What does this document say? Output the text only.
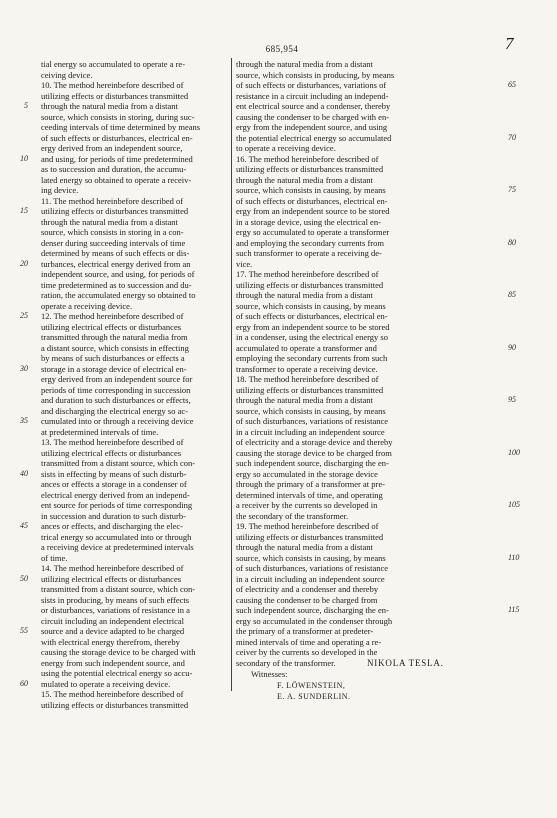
685,954	7
tial energy so accumulated to operate a re-
ceiving device.
10. The method hereinbefore described of
utilizing effects or disturbances transmitted
through the natural media from a distant
source, which consists in storing, during suc-
ceeding intervals of time determined by means
of such effects or disturbances, electrical en-
ergy derived from an independent source,
and using, for periods of time predetermined
as to succession and duration, the accumu-
lated energy so obtained to operate a receiv-
ing device.
11. The method hereinbefore described of
utilizing effects or disturbances transmitted
through the natural media from a distant
source, which consists in storing in a con-
denser during succeeding intervals of time
determined by means of such effects or dis-
turbances, electrical energy derived from an
independent source, and using, for periods of
time predetermined as to succession and du-
ration, the accumulated energy so obtained to
operate a receiving device.
12. The method hereinbefore described of
utilizing electrical effects or disturbances
transmitted through the natural media from
a distant source, which consists in effecting
by means of such disturbances or effects a
storage in a storage device of electrical en-
ergy derived from an independent source for
periods of time corresponding in succession
and duration to such disturbances or effects,
and discharging the electrical energy so ac-
cumulated into or through a receiving device
at predetermined intervals of time.
13. The method hereinbefore described of
utilizing electrical effects or disturbances
transmitted from a distant source, which con-
sists in effecting by means of such disturb-
ances or effects a storage in a condenser of
electrical energy derived from an independ-
ent source for periods of time corresponding
in succession and duration to such disturb-
ances or effects, and discharging the elec-
trical energy so accumulated into or through
a receiving device at predetermined intervals
of time.
14. The method hereinbefore described of
utilizing electrical effects or disturbances
transmitted from a distant source, which con-
sists in producing, by means of such effects
or disturbances, variations of resistance in a
circuit including an independent electrical
source and a device adapted to be charged
with electrical energy therefrom, thereby
causing the storage device to be charged with
energy from such independent source, and
using the potential electrical energy so accu-
mulated to operate a receiving device.
15. The method hereinbefore described of
utilizing effects or disturbances transmitted
through the natural media from a distant
source, which consists in producing, by means
of such effects or disturbances, variations of
resistance in a circuit including an independ-
ent electrical source and a condenser, thereby
causing the condenser to be charged with en-
ergy from the independent source, and using
the potential electrical energy so accumulated
to operate a receiving device.
16. The method hereinbefore described of
utilizing effects or disturbances transmitted
through the natural media from a distant
source, which consists in causing, by means
of such effects or disturbances, electrical en-
ergy from an independent source to be stored
in a storage device, using the electrical en-
ergy so accumulated to operate a transformer
and employing the secondary currents from
such transformer to operate a receiving de-
vice.
17. The method hereinbefore described of
utilizing effects or disturbances transmitted
through the natural media from a distant
source, which consists in causing, by means
of such effects or disturbances, electrical en-
ergy from an independent source to be stored
in a condenser, using the electrical energy so
accumulated to operate a transformer and
employing the secondary currents from such
transformer to operate a receiving device.
18. The method hereinbefore described of
utilizing effects or disturbances transmitted
through the natural media from a distant
source, which consists in causing, by means
of such disturbances, variations of resistance
in a circuit including an independent source
of electricity and a storage device and thereby
causing the storage device to be charged from
such independent source, discharging the en-
ergy so accumulated in the storage device
through the primary of a transformer at pre-
determined intervals of time, and operating
a receiver by the currents so developed in
the secondary of the transformer.
19. The method hereinbefore described of
utilizing effects or disturbances transmitted
through the natural media from a distant
source, which consists in causing, by means
of such disturbances, variations of resistance
in a circuit including an independent source
of electricity and a condenser and thereby
causing the condenser to be charged from
such independent source, discharging the en-
ergy so accumulated in the condenser through
the primary of a transformer at predeter-
mined intervals of time and operating a re-
ceiver by the currents so developed in the
secondary of the transformer.
5
10
15
20
25
30
35
40
45
50
55
60
65
70
75
80
85
90
95
100
105
110
115
NIKOLA TESLA.
Witnesses:
F. LÖWENSTEIN,
E. A. SUNDERLIN.
